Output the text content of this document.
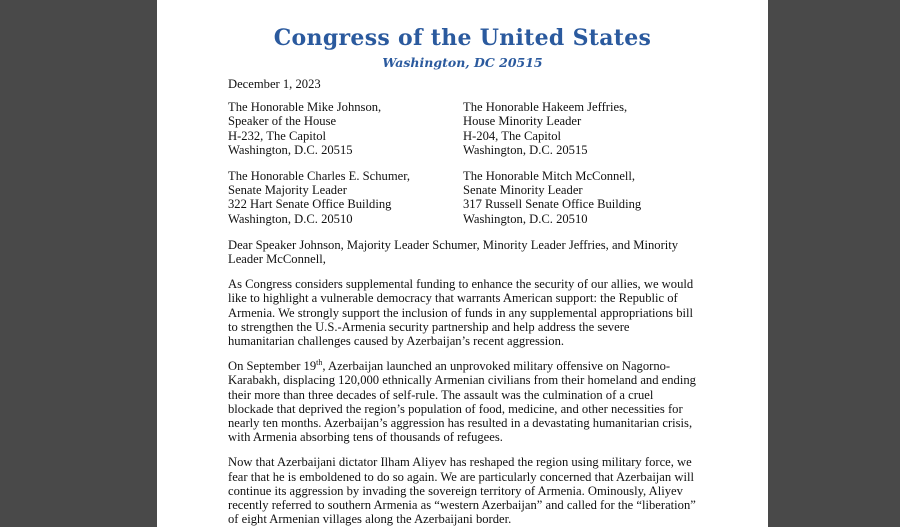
Congress of the United States
Washington, DC 20515
December 1, 2023
The Honorable Mike Johnson,
Speaker of the House
H-232, The Capitol
Washington, D.C. 20515
The Honorable Hakeem Jeffries,
House Minority Leader
H-204, The Capitol
Washington, D.C. 20515
The Honorable Charles E. Schumer,
Senate Majority Leader
322 Hart Senate Office Building
Washington, D.C. 20510
The Honorable Mitch McConnell,
Senate Minority Leader
317 Russell Senate Office Building
Washington, D.C. 20510
Dear Speaker Johnson, Majority Leader Schumer, Minority Leader Jeffries, and Minority Leader McConnell,

As Congress considers supplemental funding to enhance the security of our allies, we would like to highlight a vulnerable democracy that warrants American support: the Republic of Armenia. We strongly support the inclusion of funds in any supplemental appropriations bill to strengthen the U.S.-Armenia security partnership and help address the severe humanitarian challenges caused by Azerbaijan’s recent aggression.

On September 19th, Azerbaijan launched an unprovoked military offensive on Nagorno-Karabakh, displacing 120,000 ethnically Armenian civilians from their homeland and ending their more than three decades of self-rule. The assault was the culmination of a cruel blockade that deprived the region’s population of food, medicine, and other necessities for nearly ten months. Azerbaijan’s aggression has resulted in a devastating humanitarian crisis, with Armenia absorbing tens of thousands of refugees.

Now that Azerbaijani dictator Ilham Aliyev has reshaped the region using military force, we fear that he is emboldened to do so again. We are particularly concerned that Azerbaijan will continue its aggression by invading the sovereign territory of Armenia. Ominously, Aliyev recently referred to southern Armenia as “western Azerbaijan” and called for the “liberation” of eight Armenian villages along the Azerbaijani border.
